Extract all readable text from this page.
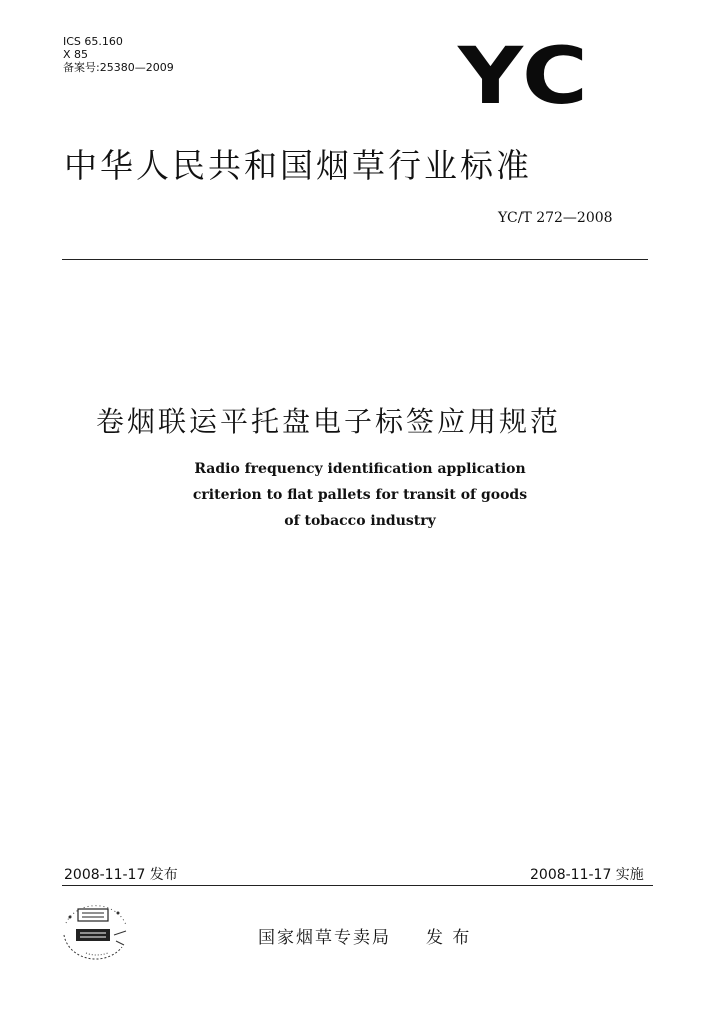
ICS 65.160
X 85
备案号:25380—2009	YC
中华人民共和国烟草行业标准
YC/T 272—2008
卷烟联运平托盘电子标签应用规范
Radio frequency identification application
criterion to flat pallets for transit of goods
of tobacco industry
2008-11-17 发布	2008-11-17 实施
国家烟草专卖局 发 布
